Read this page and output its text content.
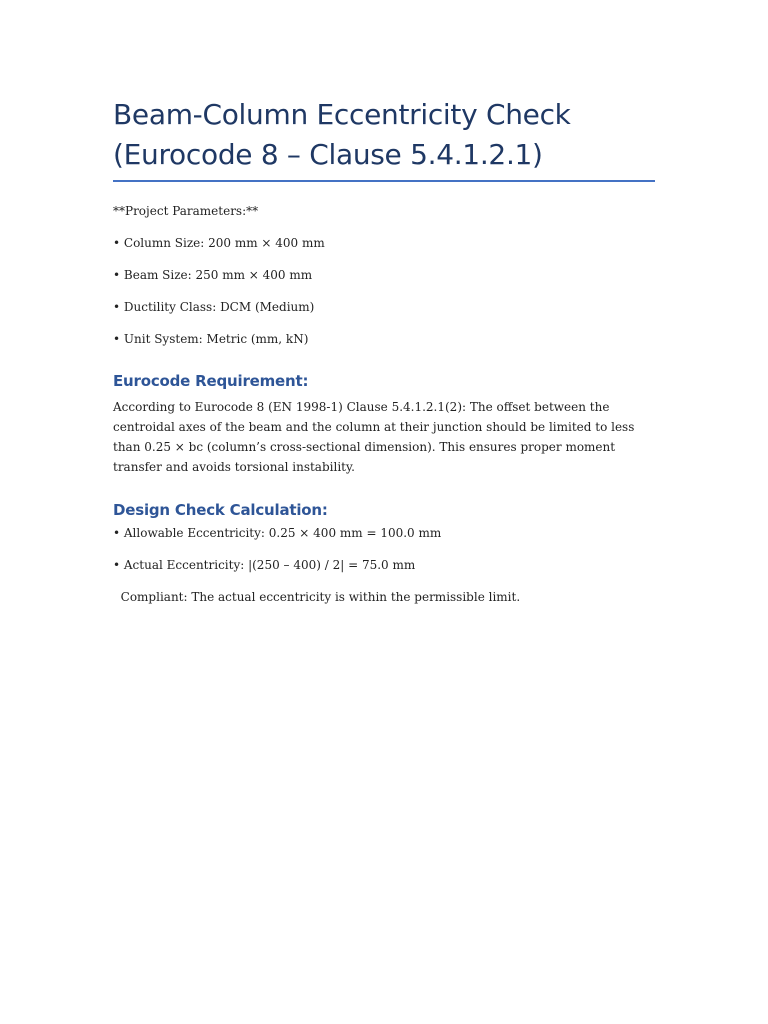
Beam-Column Eccentricity Check
(Eurocode 8 – Clause 5.4.1.2.1)

**Project Parameters:**

• Column Size: 200 mm × 400 mm

• Beam Size: 250 mm × 400 mm

• Ductility Class: DCM (Medium)

• Unit System: Metric (mm, kN)

Eurocode Requirement:

According to Eurocode 8 (EN 1998-1) Clause 5.4.1.2.1(2): The offset between the centroidal axes of the beam and the column at their junction should be limited to less than 0.25 × bc (column’s cross-sectional dimension). This ensures proper moment transfer and avoids torsional instability.

Design Check Calculation:

• Allowable Eccentricity: 0.25 × 400 mm = 100.0 mm

• Actual Eccentricity: |(250 – 400) / 2| = 75.0 mm

Compliant: The actual eccentricity is within the permissible limit.
